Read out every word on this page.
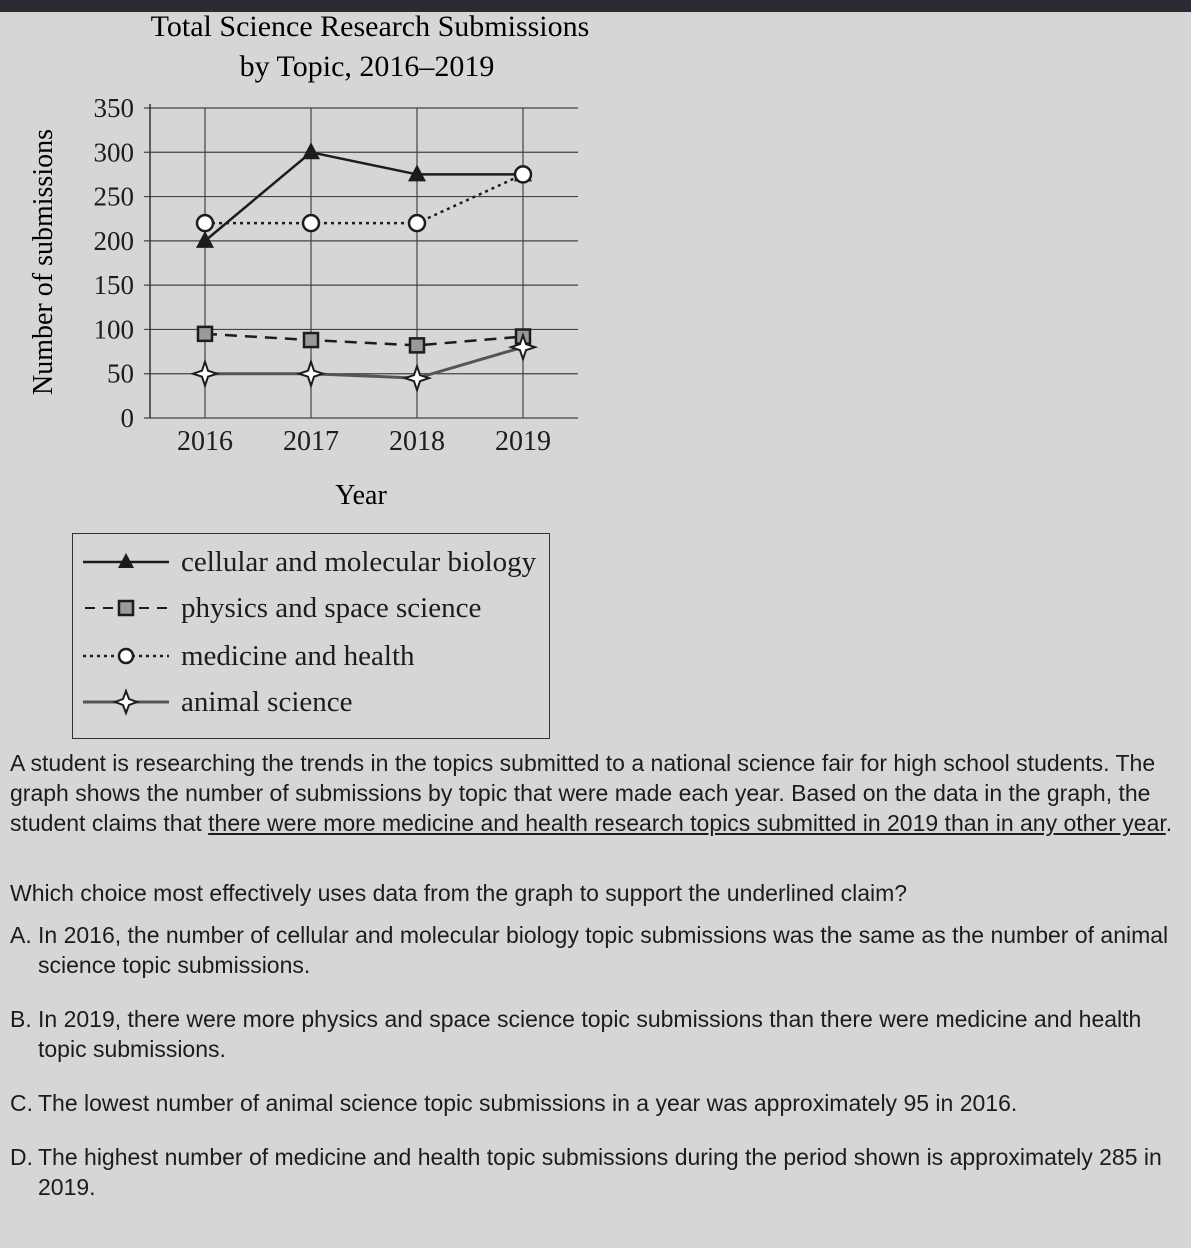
Total Science Research Submissions
by Topic, 2016–2019
Number of submissions
Year
0
50
100
150
200
250
300
350
2016 2017 2018 2019
cellular and molecular biology
physics and space science
medicine and health
animal science

A student is researching the trends in the topics submitted to a national science fair for high school students. The graph shows the number of submissions by topic that were made each year. Based on the data in the graph, the student claims that there were more medicine and health research topics submitted in 2019 than in any other year.

Which choice most effectively uses data from the graph to support the underlined claim?

A. In 2016, the number of cellular and molecular biology topic submissions was the same as the number of animal science topic submissions.
B. In 2019, there were more physics and space science topic submissions than there were medicine and health topic submissions.
C. The lowest number of animal science topic submissions in a year was approximately 95 in 2016.
D. The highest number of medicine and health topic submissions during the period shown is approximately 285 in 2019.
